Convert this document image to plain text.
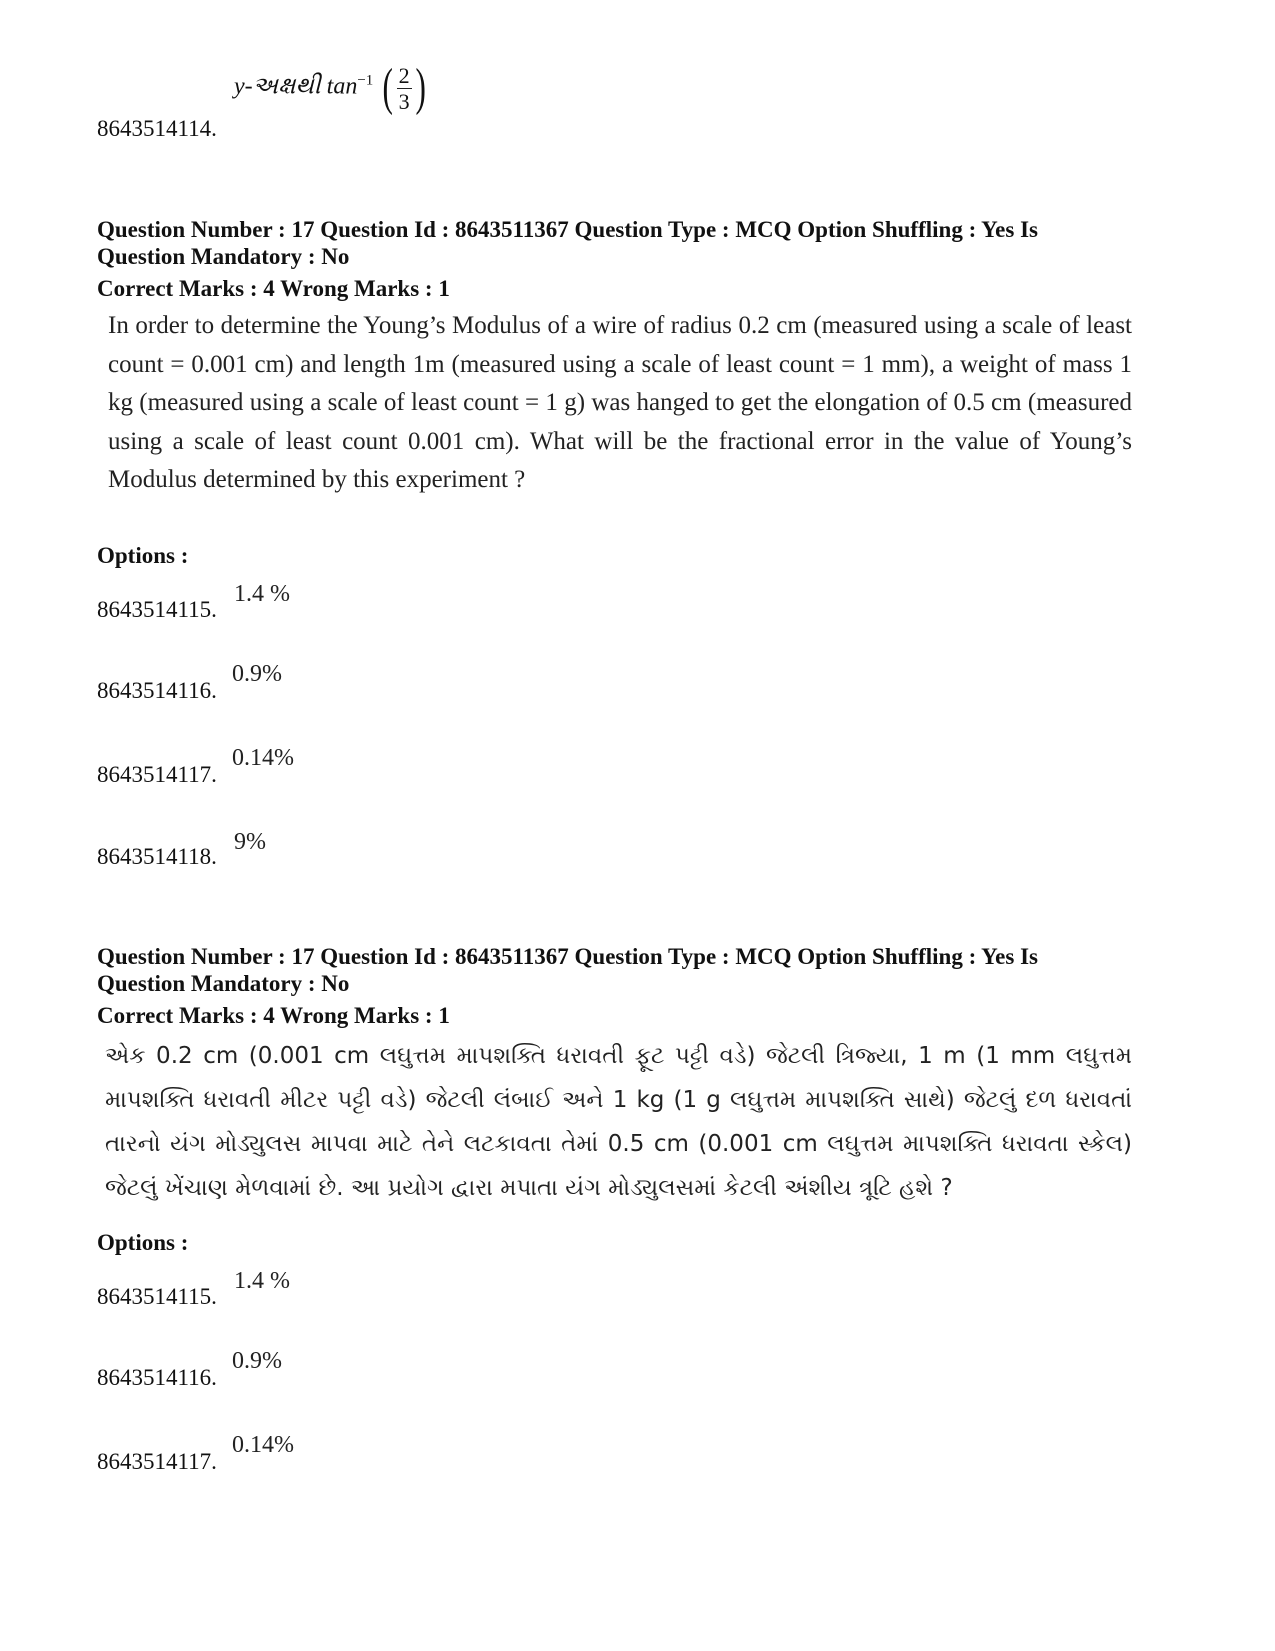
y-અક્ષથી $\tan^{-1}$ ( $\frac{2}{3}$ )
8643514114.
Question Number : 17 Question Id : 8643511367 Question Type : MCQ Option Shuffling : Yes Is
Question Mandatory : No
Correct Marks : 4 Wrong Marks : 1
In order to determine the Young’s Modulus of a wire of radius 0.2 cm (measured using a scale of least count = 0.001 cm) and length 1m (measured using a scale of least count = 1 mm), a weight of mass 1 kg (measured using a scale of least count = 1 g) was hanged to get the elongation of 0.5 cm (measured using a scale of least count 0.001 cm). What will be the fractional error in the value of Young’s Modulus determined by this experiment ?
Options :
8643514115.
1.4 %
8643514116.
0.9%
8643514117.
0.14%
8643514118.
9%
Question Number : 17 Question Id : 8643511367 Question Type : MCQ Option Shuffling : Yes Is
Question Mandatory : No
Correct Marks : 4 Wrong Marks : 1
એક 0.2 cm (0.001 cm લઘુત્તમ માપશક્તિ ધરાવતી ફૂટ પટ્ટી વડે) જેટલી ત્રિજ્યા, 1 m (1 mm લઘુત્તમ માપશક્તિ ધરાવતી મીટર પટ્ટી વડે) જેટલી લંબાઈ અને 1 kg (1 g લઘુત્તમ માપશક્તિ સાથે) જેટલું દળ ધરાવતાં તારનો યંગ મોડ્યુલસ માપવા માટે તેને લટકાવતા તેમાં 0.5 cm (0.001 cm લઘુત્તમ માપશક્તિ ધરાવતા સ્કેલ) જેટલું ખેંચાણ મેળવામાં છે. આ પ્રયોગ દ્વારા મપાતા યંગ મોડ્યુલસમાં કેટલી અંશીય ત્રૂટિ હશે ?
Options :
8643514115.
1.4 %
8643514116.
0.9%
8643514117.
0.14%
